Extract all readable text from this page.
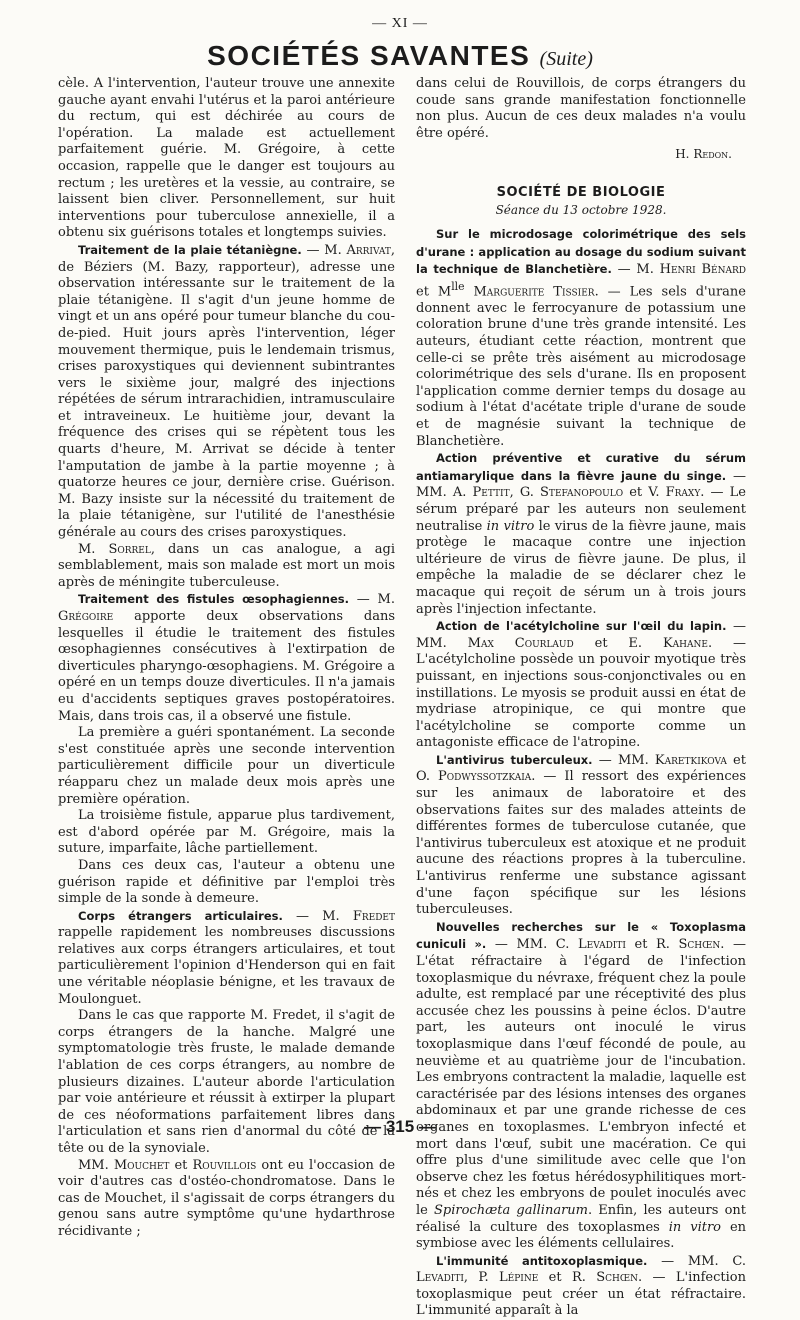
— XI —
SOCIÉTÉS SAVANTES (Suite)

cèle. A l'intervention, l'auteur trouve une annexite gauche ayant envahi l'utérus et la paroi antérieure du rectum, qui est déchirée au cours de l'opération. La malade est actuellement parfaitement guérie. M. Grégoire, à cette occasion, rappelle que le danger est toujours au rectum ; les uretères et la vessie, au contraire, se laissent bien cliver. Personnellement, sur huit interventions pour tuberculose annexielle, il a obtenu six guérisons totales et longtemps suivies.

Traitement de la plaie tétaniègne. — M. Arrivat, de Béziers (M. Bazy, rapporteur), adresse une observation intéressante sur le traitement de la plaie tétanigène. Il s'agit d'un jeune homme de vingt et un ans opéré pour tumeur blanche du cou-de-pied. Huit jours après l'intervention, léger mouvement thermique, puis le lendemain trismus, crises paroxystiques qui deviennent subintrantes vers le sixième jour, malgré des injections répétées de sérum intrarachidien, intramusculaire et intraveineux. Le huitième jour, devant la fréquence des crises qui se répètent tous les quarts d'heure, M. Arrivat se décide à tenter l'amputation de jambe à la partie moyenne ; à quatorze heures ce jour, dernière crise. Guérison. M. Bazy insiste sur la nécessité du traitement de la plaie tétanigène, sur l'utilité de l'anesthésie générale au cours des crises paroxystiques.

M. Sorrel, dans un cas analogue, a agi semblablement, mais son malade est mort un mois après de méningite tuberculeuse.

Traitement des fistules œsophagiennes. — M. Grégoire apporte deux observations dans lesquelles il étudie le traitement des fistules œsophagiennes consécutives à l'extirpation de diverticules pharyngo-œsophagiens. M. Grégoire a opéré en un temps douze diverticules. Il n'a jamais eu d'accidents septiques graves postopératoires. Mais, dans trois cas, il a observé une fistule.

La première a guéri spontanément. La seconde s'est constituée après une seconde intervention particulièrement difficile pour un diverticule réapparu chez un malade deux mois après une première opération.

La troisième fistule, apparue plus tardivement, est d'abord opérée par M. Grégoire, mais la suture, imparfaite, lâche partiellement.

Dans ces deux cas, l'auteur a obtenu une guérison rapide et définitive par l'emploi très simple de la sonde à demeure.

Corps étrangers articulaires. — M. Fredet rappelle rapidement les nombreuses discussions relatives aux corps étrangers articulaires, et tout particulièrement l'opinion d'Henderson qui en fait une véritable néoplasie bénigne, et les travaux de Moulonguet.

Dans le cas que rapporte M. Fredet, il s'agit de corps étrangers de la hanche. Malgré une symptomatologie très fruste, le malade demande l'ablation de ces corps étrangers, au nombre de plusieurs dizaines. L'auteur aborde l'articulation par voie antérieure et réussit à extirper la plupart de ces néoformations parfaitement libres dans l'articulation et sans rien d'anormal du côté de la tête ou de la synoviale.

MM. Mouchet et Rouvillois ont eu l'occasion de voir d'autres cas d'ostéo-chondromatose. Dans le cas de Mouchet, il s'agissait de corps étrangers du genou sans autre symptôme qu'une hydarthrose récidivante ;

dans celui de Rouvillois, de corps étrangers du coude sans grande manifestation fonctionnelle non plus. Aucun de ces deux malades n'a voulu être opéré.

H. Redon.
SOCIÉTÉ DE BIOLOGIE
Séance du 13 octobre 1928.

Sur le microdosage colorimétrique des sels d'urane : application au dosage du sodium suivant la technique de Blanchetière. — M. Henri Bénard et $M^{lle}$ Marguerite Tissier. — Les sels d'urane donnent avec le ferrocyanure de potassium une coloration brune d'une très grande intensité. Les auteurs, étudiant cette réaction, montrent que celle-ci se prête très aisément au microdosage colorimétrique des sels d'urane. Ils en proposent l'application comme dernier temps du dosage au sodium à l'état d'acétate triple d'urane de soude et de magnésie suivant la technique de Blanchetière.

Action préventive et curative du sérum antiamarylique dans la fièvre jaune du singe. — MM. A. Pettit, G. Stefanopoulo et V. Fraxy. — Le sérum préparé par les auteurs non seulement neutralise in vitro le virus de la fièvre jaune, mais protège le macaque contre une injection ultérieure de virus de fièvre jaune. De plus, il empêche la maladie de se déclarer chez le macaque qui reçoit de sérum un à trois jours après l'injection infectante.

Action de l'acétylcholine sur l'œil du lapin. — MM. Max Courlaud et E. Kahane. — L'acétylcholine possède un pouvoir myotique très puissant, en injections sous-conjonctivales ou en instillations. Le myosis se produit aussi en état de mydriase atropinique, ce qui montre que l'acétylcholine se comporte comme un antagoniste efficace de l'atropine.

L'antivirus tuberculeux. — MM. Karetkikova et O. Podwyssotzkaia. — Il ressort des expériences sur les animaux de laboratoire et des observations faites sur des malades atteints de différentes formes de tuberculose cutanée, que l'antivirus tuberculeux est atoxique et ne produit aucune des réactions propres à la tuberculine. L'antivirus renferme une substance agissant d'une façon spécifique sur les lésions tuberculeuses.

Nouvelles recherches sur le « Toxoplasma cuniculi ». — MM. C. Levaditi et R. Schœn. — L'état réfractaire à l'égard de l'infection toxoplasmique du névraxe, fréquent chez la poule adulte, est remplacé par une réceptivité des plus accusée chez les poussins à peine éclos. D'autre part, les auteurs ont inoculé le virus toxoplasmique dans l'œuf fécondé de poule, au neuvième et au quatrième jour de l'incubation. Les embryons contractent la maladie, laquelle est caractérisée par des lésions intenses des organes abdominaux et par une grande richesse de ces organes en toxoplasmes. L'embryon infecté et mort dans l'œuf, subit une macération. Ce qui offre plus d'une similitude avec celle que l'on observe chez les fœtus hérédosyphilitiques mort-nés et chez les embryons de poulet inoculés avec le Spirochæta gallinarum. Enfin, les auteurs ont réalisé la culture des toxoplasmes in vitro en symbiose avec les éléments cellulaires.

L'immunité antitoxoplasmique. — MM. C. Levaditi, P. Lépine et R. Schœn. — L'infection toxoplasmique peut créer un état réfractaire. L'immunité apparaît à la

— 315 —
